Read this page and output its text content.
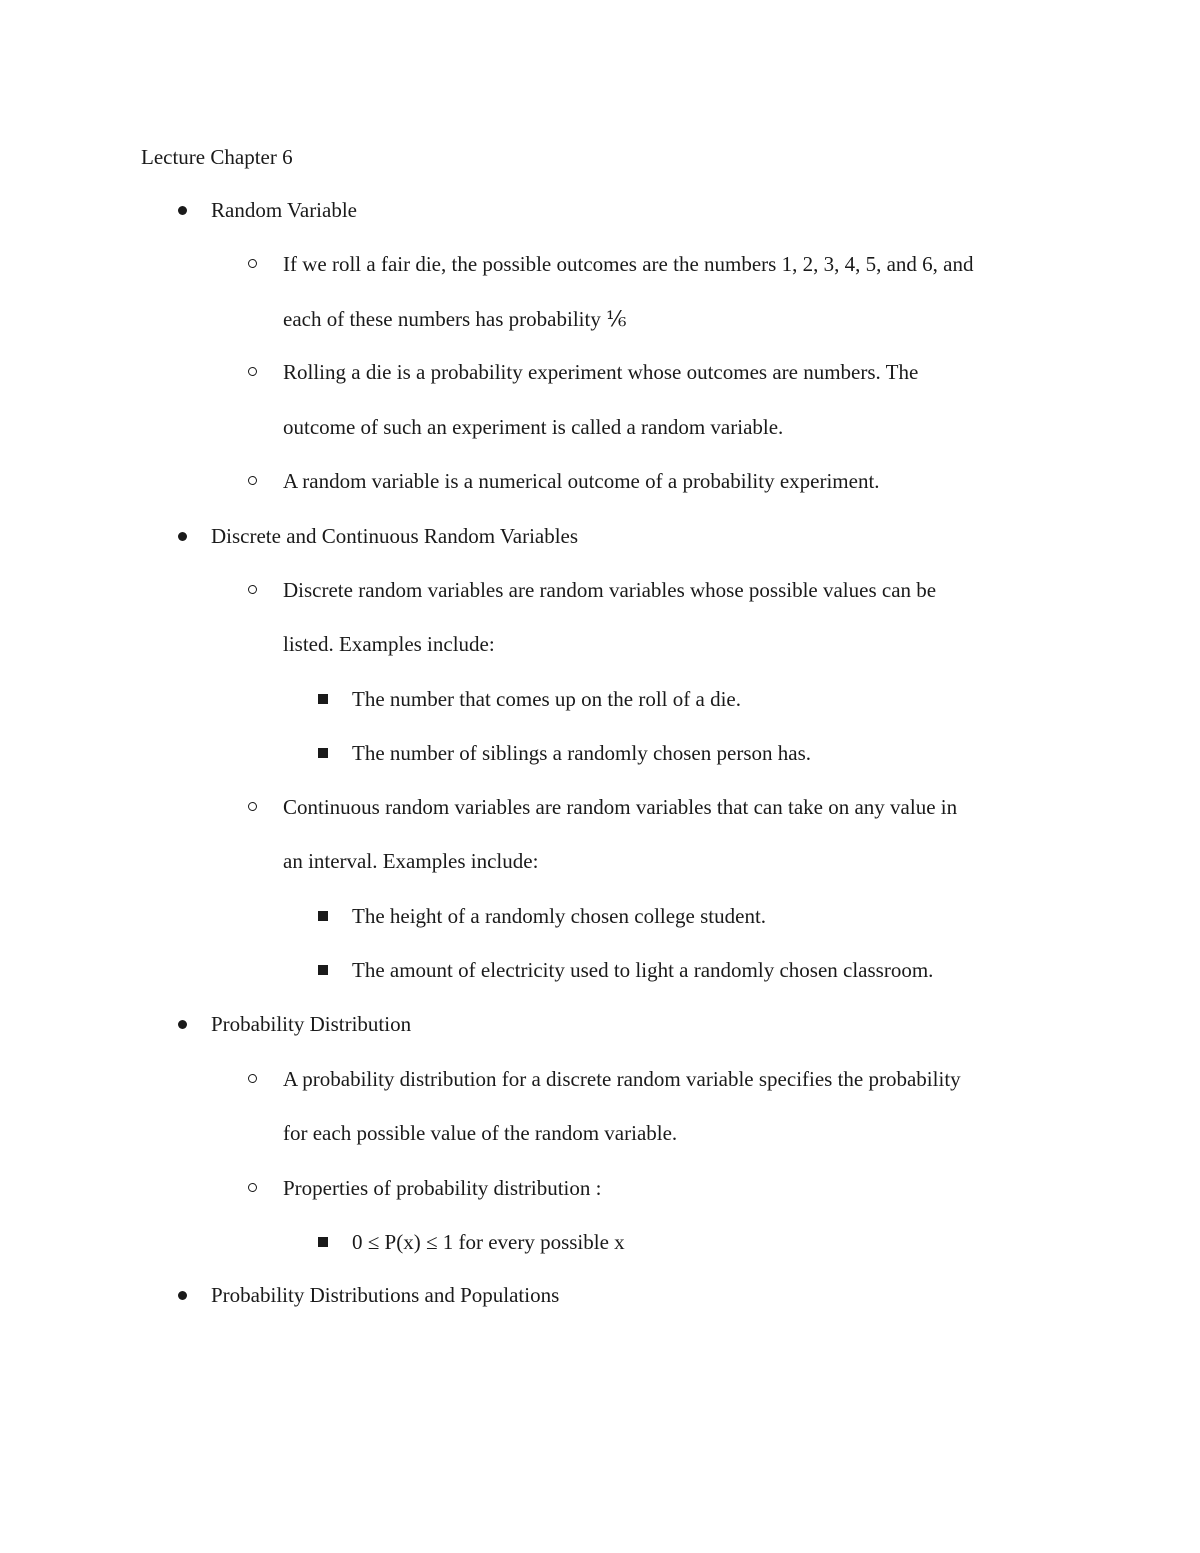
Lecture Chapter 6
Random Variable
If we roll a fair die, the possible outcomes are the numbers 1, 2, 3, 4, 5, and 6, and
each of these numbers has probability ⅙
Rolling a die is a probability experiment whose outcomes are numbers. The
outcome of such an experiment is called a random variable.
A random variable is a numerical outcome of a probability experiment.
Discrete and Continuous Random Variables
Discrete random variables are random variables whose possible values can be
listed. Examples include:
The number that comes up on the roll of a die.
The number of siblings a randomly chosen person has.
Continuous random variables are random variables that can take on any value in
an interval. Examples include:
The height of a randomly chosen college student.
The amount of electricity used to light a randomly chosen classroom.
Probability Distribution
A probability distribution for a discrete random variable specifies the probability
for each possible value of the random variable.
Properties of probability distribution :
0 ≤ P(x) ≤ 1 for every possible x
Probability Distributions and Populations
